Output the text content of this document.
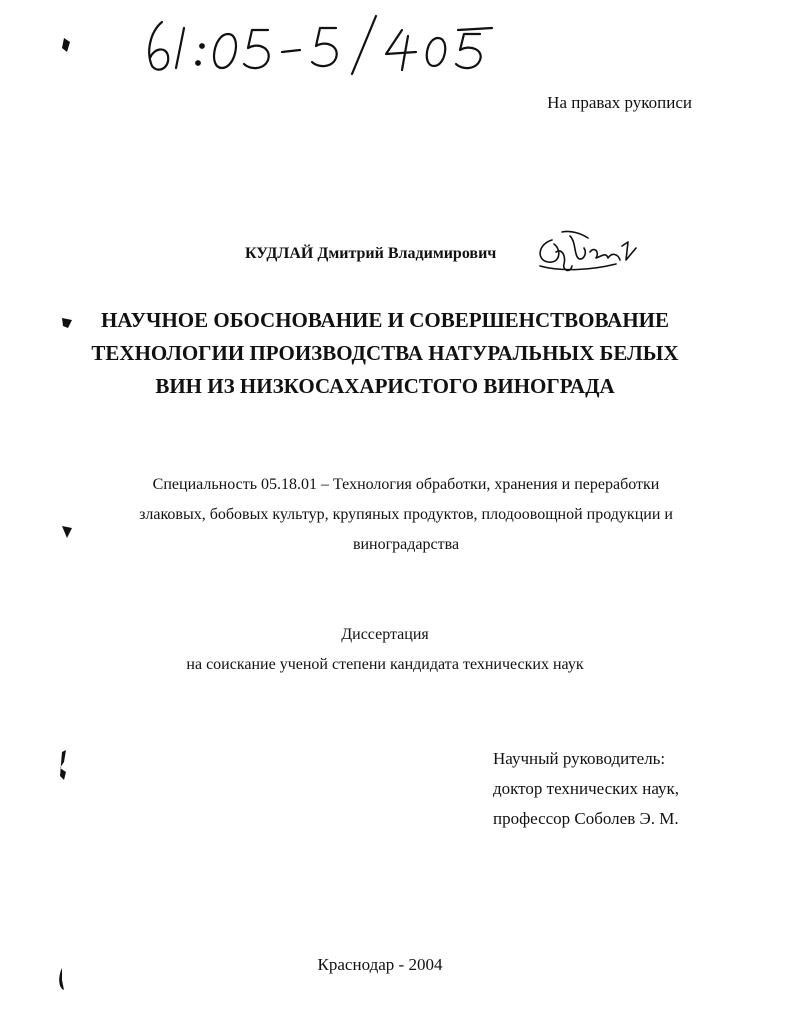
На правах рукописи
КУДЛАЙ Дмитрий Владимирович
НАУЧНОЕ ОБОСНОВАНИЕ И СОВЕРШЕНСТВОВАНИЕ
ТЕХНОЛОГИИ ПРОИЗВОДСТВА НАТУРАЛЬНЫХ БЕЛЫХ
ВИН ИЗ НИЗКОСАХАРИСТОГО ВИНОГРАДА
Специальность 05.18.01 – Технология обработки, хранения и переработки
злаковых, бобовых культур, крупяных продуктов, плодоовощной продукции и
виноградарства
Диссертация
на соискание ученой степени кандидата технических наук
Научный руководитель:
доктор технических наук,
профессор Соболев Э. М.
Краснодар - 2004
